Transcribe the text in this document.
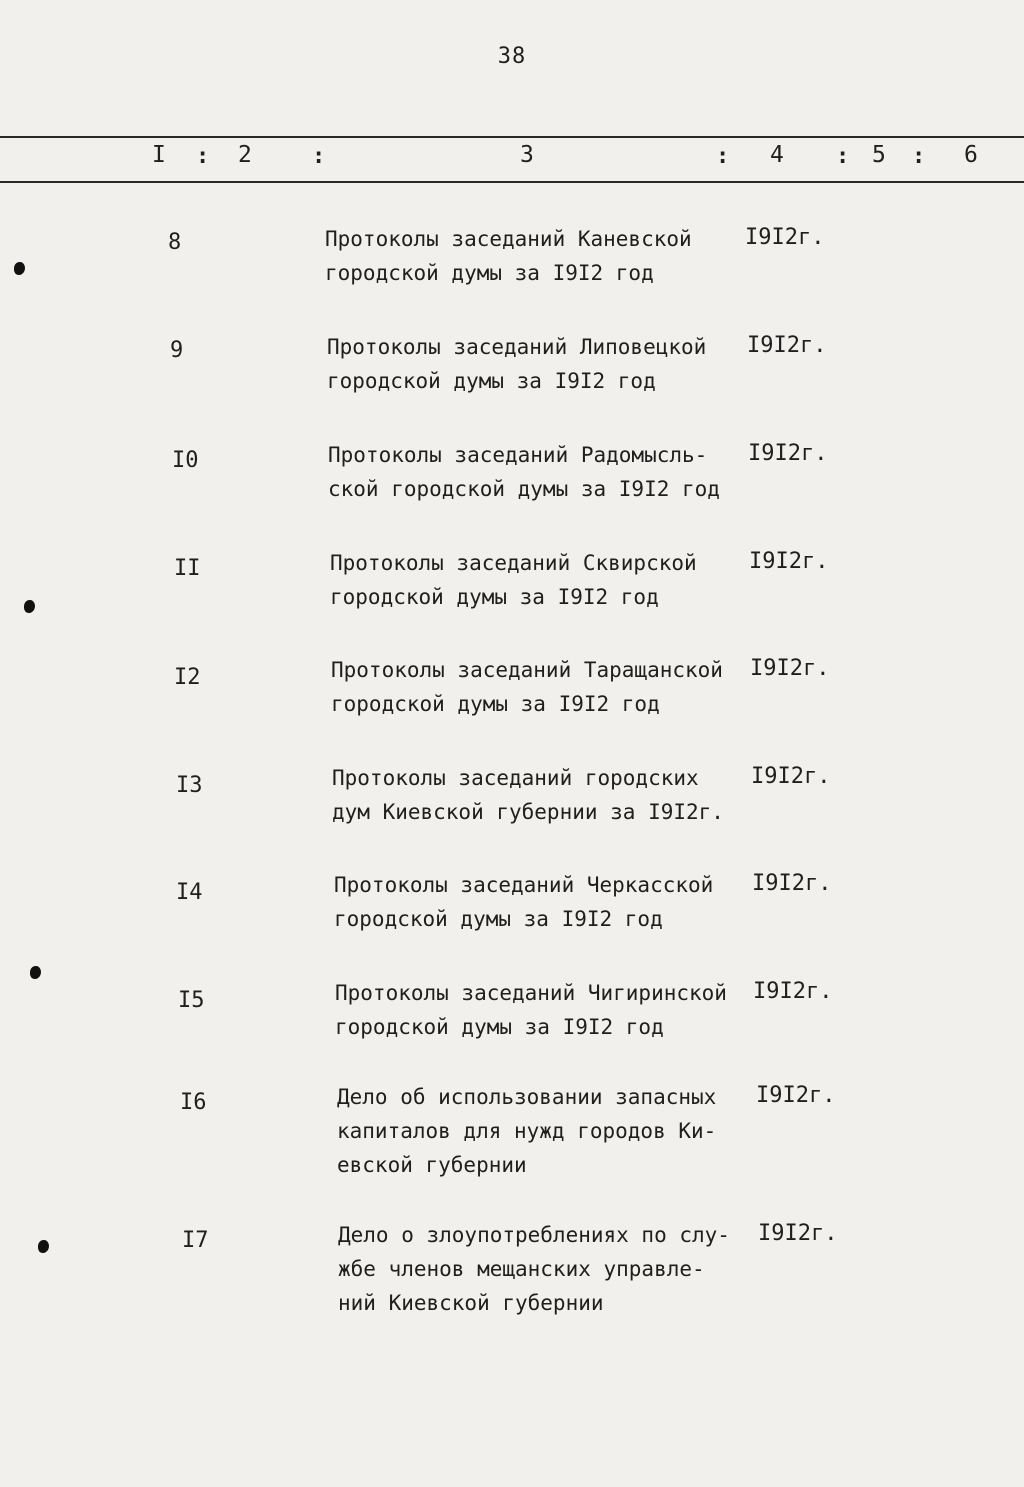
38
I : 2	:	3	: 4 : 5 : 6
8	Протоколы заседаний Каневской
городской думы за I9I2 год
I9I2г.
9	Протоколы заседаний Липовецкой
городской думы за I9I2 год
I9I2г.
I0	Протоколы заседаний Радомысль-
ской городской думы за I9I2 год
I9I2г.
II	Протоколы заседаний Сквирской
городской думы за I9I2 год
I9I2г.
I2	Протоколы заседаний Таращанской
городской думы за I9I2 год
I9I2г.
I3	Протоколы заседаний городских
дум Киевской губернии за I9I2г.
I9I2г.
I4	Протоколы заседаний Черкасской
городской думы за I9I2 год
I9I2г.
I5	Протоколы заседаний Чигиринской
городской думы за I9I2 год
I9I2г.
I6	Дело об использовании запасных
капиталов для нужд городов Ки-
евской губернии
I9I2г.
I7	Дело о злоупотреблениях по слу-
жбе членов мещанских управле-
ний Киевской губернии
I9I2г.
